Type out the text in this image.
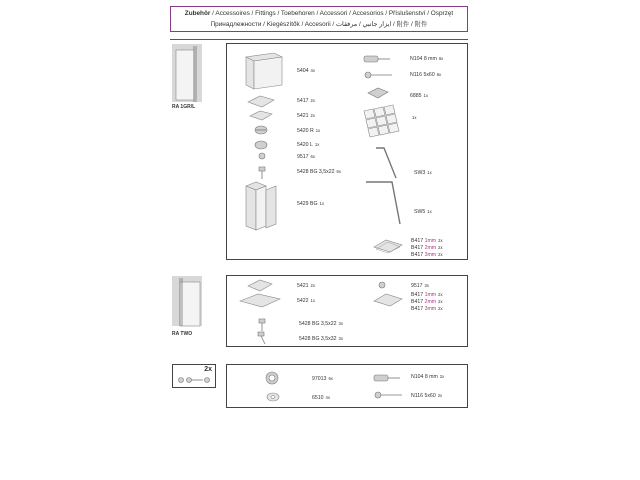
Zubehör / Accessoires / Fittings / Toebehoren / Accessori / Accesorios / Příslušenství / Osprzęt
Принадлежности / Kiegészítők / Accesorii / ايزار جانبي / مرفقات / 附件 / 附件
RA 1GR/L
5404 4x
5417 2x
5421 2x
5420 R 1x
5420 L 1x
9517 6x
5428 BG 3,5x22 6x
5429 BG 1x
N104 8 mm 6x
N116 5x60 6x
6885 1x
1x
SW3 1x
SW5 1x
B417 1mm 2x
B417 2mm 2x
B417 3mm 2x
RA TWO
5421 2x
5422 1x
5428 BG 3,5x22 3x
5428 BG 3,5x32 3x
9517 3x
B417 1mm 2x
B417 2mm 2x
B417 3mm 2x
2x
97013 6x
6510 4x
N104 8 mm 2x
N116 5x60 2x
